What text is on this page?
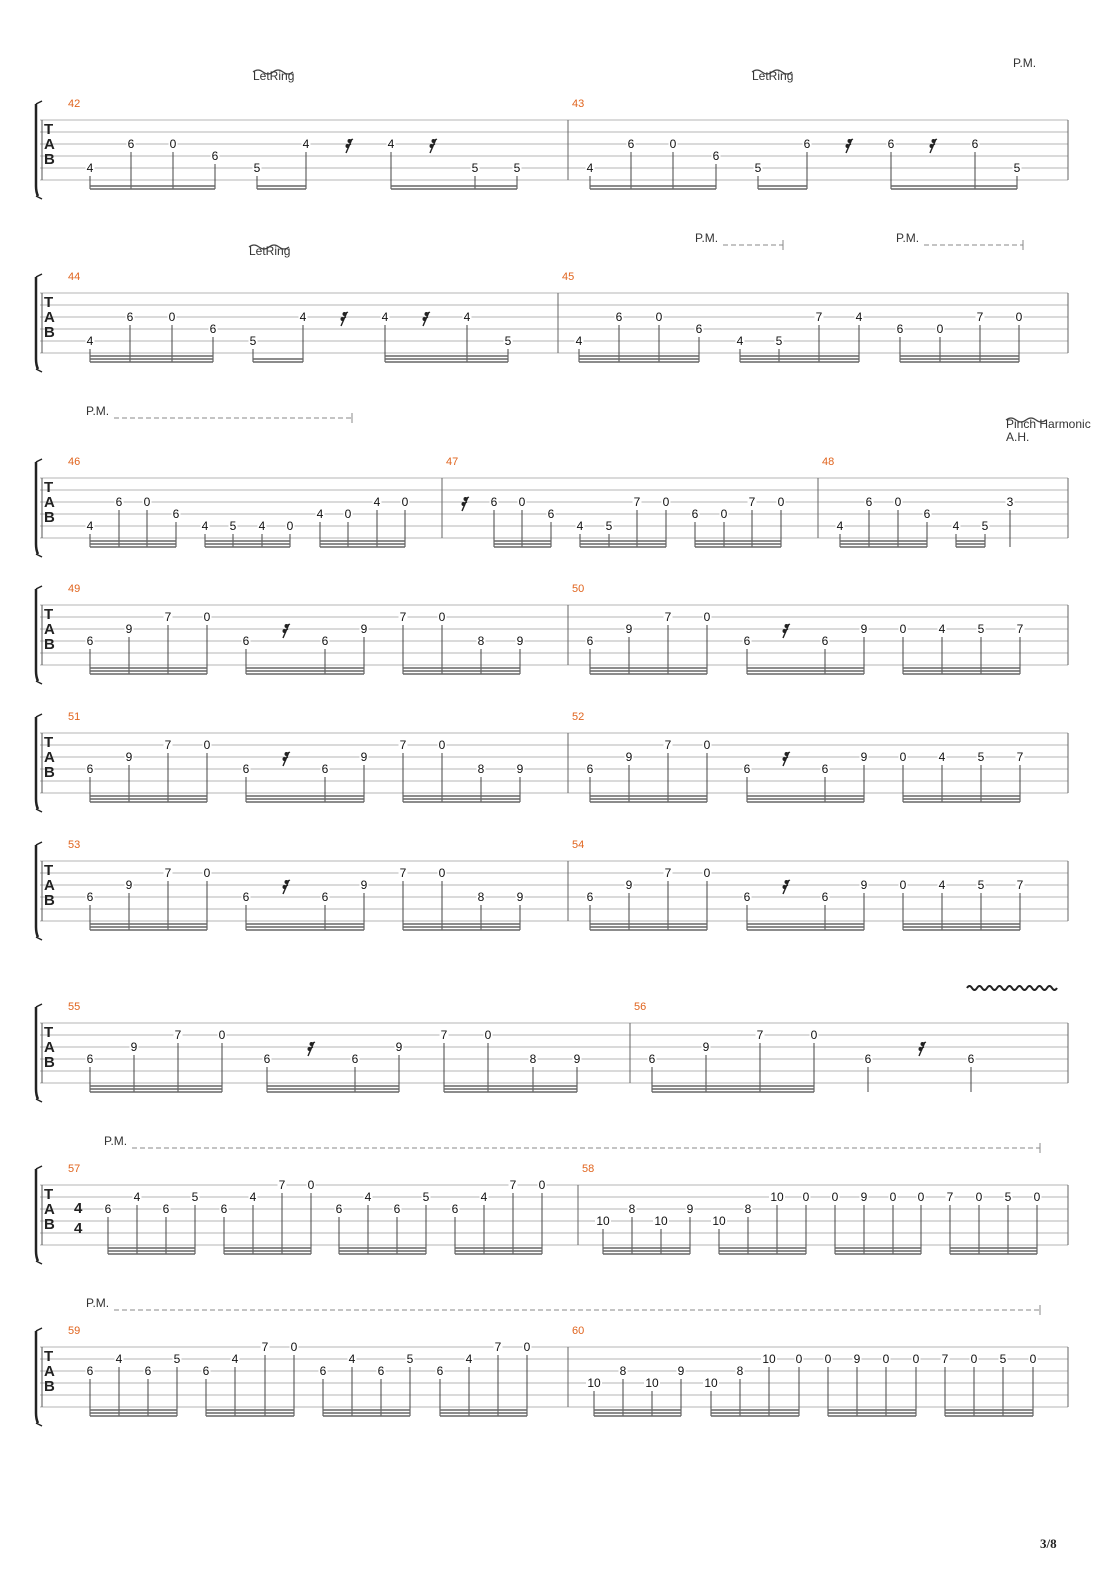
T
A
B
42
4
6	0
6
5
4	4
5	5
43
4
6	0
6
5
6	6	6
5
LetRing	LetRing
P.M.
T
A
B
44
4
6	0
6
5
4	4	4
5
45
4
6	0
6
4	5
7	4
6	0
7	0
LetRing
P.M.	P.M.
T
A
B
46
4
6 0
6
4 5 4 0
4 0
4 0
47
6 0
6
4 5
7 0
6 0
7 0
48
4
6 0
6
4 5
3
P.M.
Pinch Harmonic
A.H.
T
A
B
49
6
9
7	0
6	6
9
7	0
8	9
50
6
9
7	0
6	6
9	0	4	5	7
T
A
B
51
6
9
7	0
6	6
9
7	0
8	9
52
6
9
7	0
6	6
9	0	4	5	7
T
A
B
53
6
9
7	0
6	6
9
7	0
8	9
54
6
9
7	0
6	6
9	0	4	5	7
T
A
B
55
6
9
7	0
6	6
9
7	0
8	9
56
6
9
7	0
6	6
T
A
B
4
4
57
6
4
6
5
6
4
7 0
6
4
6
5
6
4
7 0
58
10
8
10
9
10
8
10 0 0 9 0 0 7 0 5 0
P.M.
T
A
B
59
6
4
6
5
6
4
7 0
6
4
6
5
6
4
7 0
60
10
8
10
9
10
8
10 0 0 9 0 0 7 0 5 0
P.M.
3/8
